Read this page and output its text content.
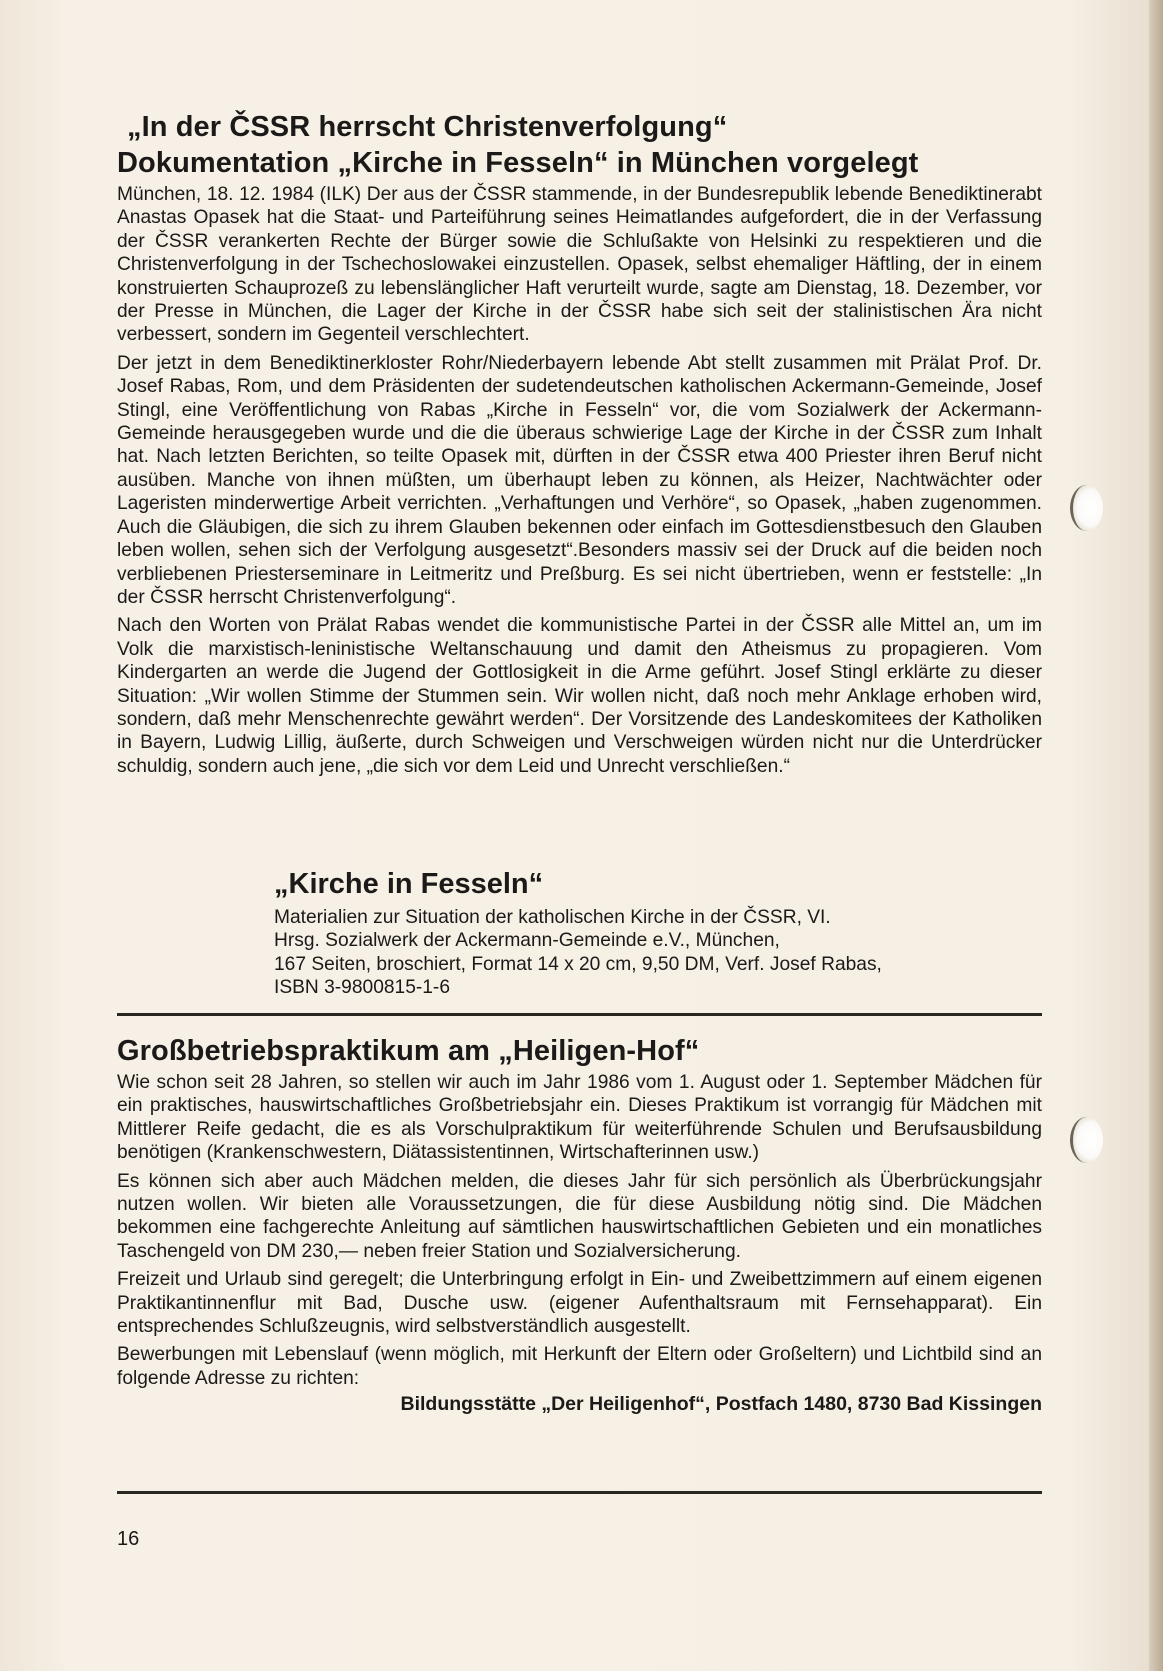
„In der ČSSR herrscht Christenverfolgung“
Dokumentation „Kirche in Fesseln“ in München vorgelegt

München, 18. 12. 1984 (ILK) Der aus der ČSSR stammende, in der Bundesrepublik lebende Benediktinerabt Anastas Opasek hat die Staat- und Parteiführung seines Heimatlandes aufgefordert, die in der Verfassung der ČSSR verankerten Rechte der Bürger sowie die Schlußakte von Helsinki zu respektieren und die Christenverfolgung in der Tschechoslowakei einzustellen. Opasek, selbst ehemaliger Häftling, der in einem konstruierten Schauprozeß zu lebenslänglicher Haft verurteilt wurde, sagte am Dienstag, 18. Dezember, vor der Presse in München, die Lager der Kirche in der ČSSR habe sich seit der stalinistischen Ära nicht verbessert, sondern im Gegenteil verschlechtert.

Der jetzt in dem Benediktinerkloster Rohr/Niederbayern lebende Abt stellt zusammen mit Prälat Prof. Dr. Josef Rabas, Rom, und dem Präsidenten der sudetendeutschen katholischen Ackermann-Gemeinde, Josef Stingl, eine Veröffentlichung von Rabas „Kirche in Fesseln“ vor, die vom Sozialwerk der Ackermann-Gemeinde herausgegeben wurde und die die überaus schwierige Lage der Kirche in der ČSSR zum Inhalt hat. Nach letzten Berichten, so teilte Opasek mit, dürften in der ČSSR etwa 400 Priester ihren Beruf nicht ausüben. Manche von ihnen müßten, um überhaupt leben zu können, als Heizer, Nachtwächter oder Lageristen minderwertige Arbeit verrichten. „Verhaftungen und Verhöre“, so Opasek, „haben zugenommen. Auch die Gläubigen, die sich zu ihrem Glauben bekennen oder einfach im Gottesdienstbesuch den Glauben leben wollen, sehen sich der Verfolgung ausgesetzt“.Besonders massiv sei der Druck auf die beiden noch verbliebenen Priesterseminare in Leitmeritz und Preßburg. Es sei nicht übertrieben, wenn er feststelle: „In der ČSSR herrscht Christenverfolgung“.

Nach den Worten von Prälat Rabas wendet die kommunistische Partei in der ČSSR alle Mittel an, um im Volk die marxistisch-leninistische Weltanschauung und damit den Atheismus zu propagieren. Vom Kindergarten an werde die Jugend der Gottlosigkeit in die Arme geführt. Josef Stingl erklärte zu dieser Situation: „Wir wollen Stimme der Stummen sein. Wir wollen nicht, daß noch mehr Anklage erhoben wird, sondern, daß mehr Menschenrechte gewährt werden“. Der Vorsitzende des Landeskomitees der Katholiken in Bayern, Ludwig Lillig, äußerte, durch Schweigen und Verschweigen würden nicht nur die Unterdrücker schuldig, sondern auch jene, „die sich vor dem Leid und Unrecht verschließen.“

„Kirche in Fesseln“

Materialien zur Situation der katholischen Kirche in der ČSSR, VI.

Hrsg. Sozialwerk der Ackermann-Gemeinde e.V., München,

167 Seiten, broschiert, Format 14 x 20 cm, 9,50 DM, Verf. Josef Rabas,

ISBN 3-9800815-1-6

Großbetriebspraktikum am „Heiligen-Hof“

Wie schon seit 28 Jahren, so stellen wir auch im Jahr 1986 vom 1. August oder 1. September Mädchen für ein praktisches, hauswirtschaftliches Großbetriebsjahr ein. Dieses Praktikum ist vorrangig für Mädchen mit Mittlerer Reife gedacht, die es als Vorschulpraktikum für weiterführende Schulen und Berufsausbildung benötigen (Krankenschwestern, Diätassistentinnen, Wirtschafterinnen usw.)

Es können sich aber auch Mädchen melden, die dieses Jahr für sich persönlich als Überbrückungsjahr nutzen wollen. Wir bieten alle Voraussetzungen, die für diese Ausbildung nötig sind. Die Mädchen bekommen eine fachgerechte Anleitung auf sämtlichen hauswirtschaftlichen Gebieten und ein monatliches Taschengeld von DM 230,— neben freier Station und Sozialversicherung.

Freizeit und Urlaub sind geregelt; die Unterbringung erfolgt in Ein- und Zweibettzimmern auf einem eigenen Praktikantinnenflur mit Bad, Dusche usw. (eigener Aufenthaltsraum mit Fernsehapparat). Ein entsprechendes Schlußzeugnis, wird selbstverständlich ausgestellt.

Bewerbungen mit Lebenslauf (wenn möglich, mit Herkunft der Eltern oder Großeltern) und Lichtbild sind an folgende Adresse zu richten:

Bildungsstätte „Der Heiligenhof“, Postfach 1480, 8730 Bad Kissingen

16
